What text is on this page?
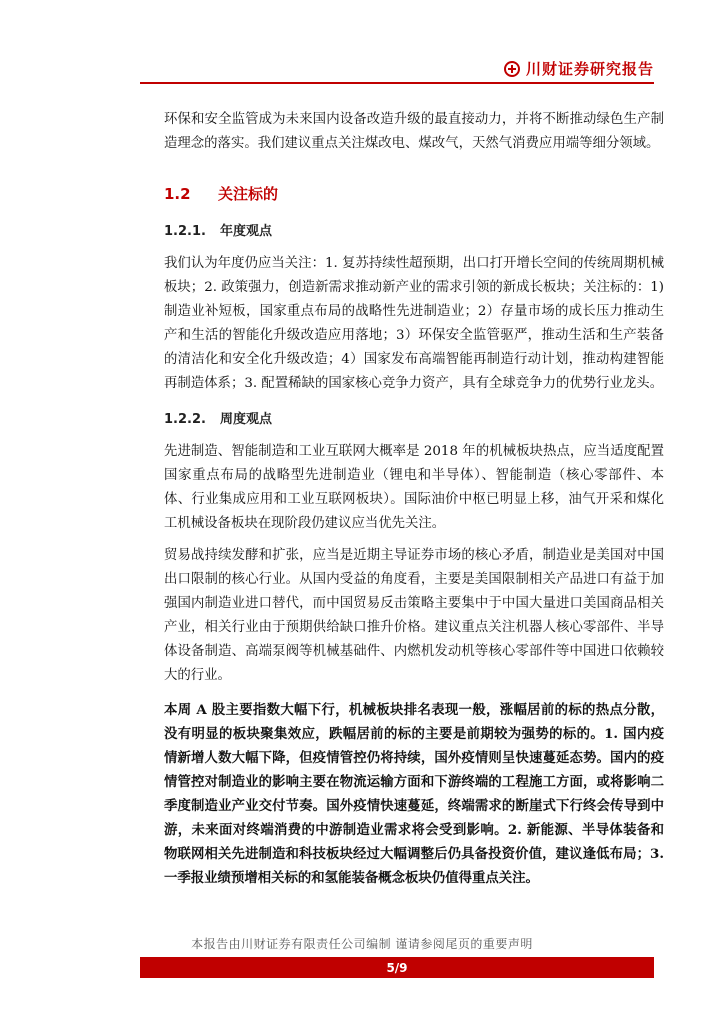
川财证券研究报告

环保和安全监管成为未来国内设备改造升级的最直接动力，并将不断推动绿色生产制造理念的落实。我们建议重点关注煤改电、煤改气，天然气消费应用端等细分领域。

1.2	关注标的
1.2.1.	年度观点

我们认为年度仍应当关注：1. 复苏持续性超预期，出口打开增长空间的传统周期机械板块；2. 政策强力，创造新需求推动新产业的需求引领的新成长板块；关注标的：1)制造业补短板，国家重点布局的战略性先进制造业；2）存量市场的成长压力推动生产和生活的智能化升级改造应用落地；3）环保安全监管驱严，推动生活和生产装备的清洁化和安全化升级改造；4）国家发布高端智能再制造行动计划，推动构建智能再制造体系；3. 配置稀缺的国家核心竞争力资产，具有全球竞争力的优势行业龙头。

1.2.2.	周度观点

先进制造、智能制造和工业互联网大概率是 2018 年的机械板块热点，应当适度配置国家重点布局的战略型先进制造业（锂电和半导体）、智能制造（核心零部件、本体、行业集成应用和工业互联网板块）。国际油价中枢已明显上移，油气开采和煤化工机械设备板块在现阶段仍建议应当优先关注。

贸易战持续发酵和扩张，应当是近期主导证券市场的核心矛盾，制造业是美国对中国出口限制的核心行业。从国内受益的角度看，主要是美国限制相关产品进口有益于加强国内制造业进口替代，而中国贸易反击策略主要集中于中国大量进口美国商品相关产业，相关行业由于预期供给缺口推升价格。建议重点关注机器人核心零部件、半导体设备制造、高端泵阀等机械基础件、内燃机发动机等核心零部件等中国进口依赖较大的行业。

本周 A 股主要指数大幅下行，机械板块排名表现一般，涨幅居前的标的热点分散，没有明显的板块聚集效应，跌幅居前的标的主要是前期较为强势的标的。1. 国内疫情新增人数大幅下降，但疫情管控仍将持续，国外疫情则呈快速蔓延态势。国内的疫情管控对制造业的影响主要在物流运输方面和下游终端的工程施工方面，或将影响二季度制造业产业交付节奏。国外疫情快速蔓延，终端需求的断崖式下行终会传导到中游，未来面对终端消费的中游制造业需求将会受到影响。2. 新能源、半导体装备和物联网相关先进制造和科技板块经过大幅调整后仍具备投资价值，建议逢低布局；3. 一季报业绩预增相关标的和氢能装备概念板块仍值得重点关注。

本报告由川财证券有限责任公司编制 谨请参阅尾页的重要声明
5/9
